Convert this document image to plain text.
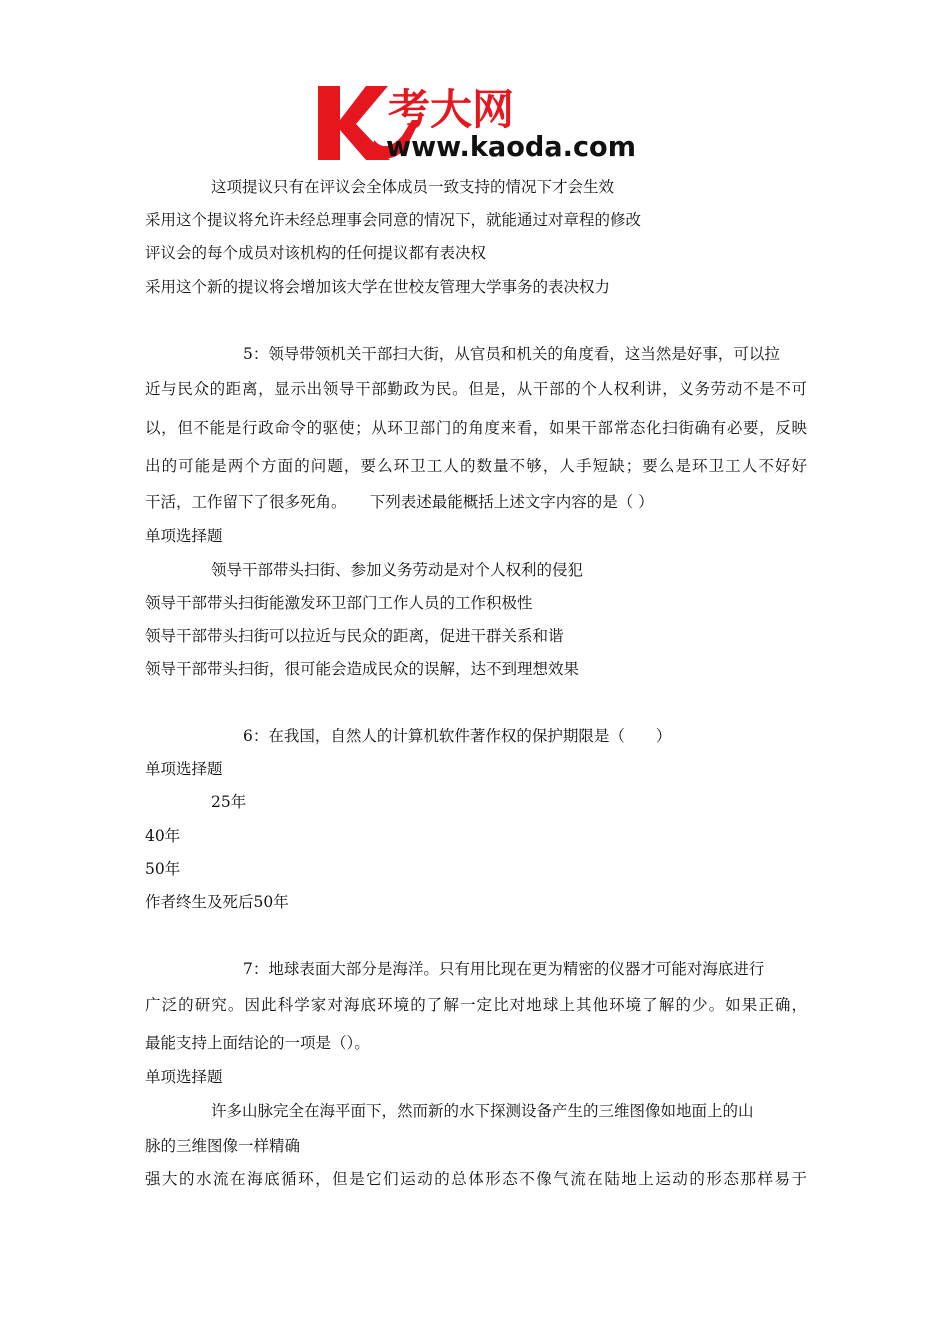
考大网
www.kaoda.com
这项提议只有在评议会全体成员一致支持的情况下才会生效
采用这个提议将允许未经总理事会同意的情况下，就能通过对章程的修改
评议会的每个成员对该机构的任何提议都有表决权
采用这个新的提议将会增加该大学在世校友管理大学事务的表决权力
5：领导带领机关干部扫大街，从官员和机关的角度看，这当然是好事，可以拉
近与民众的距离，显示出领导干部勤政为民。但是，从干部的个人权利讲，义务劳动不是不可
以，但不能是行政命令的驱使；从环卫部门的角度来看，如果干部常态化扫街确有必要，反映
出的可能是两个方面的问题，要么环卫工人的数量不够，人手短缺；要么是环卫工人不好好
干活，工作留下了很多死角。　　下列表述最能概括上述文字内容的是（ ）
单项选择题
领导干部带头扫街、参加义务劳动是对个人权利的侵犯
领导干部带头扫街能激发环卫部门工作人员的工作积极性
领导干部带头扫街可以拉近与民众的距离，促进干群关系和谐
领导干部带头扫街，很可能会造成民众的误解，达不到理想效果
6：在我国，自然人的计算机软件著作权的保护期限是（　　）
单项选择题
25年
40年
50年
作者终生及死后50年
7：地球表面大部分是海洋。只有用比现在更为精密的仪器才可能对海底进行
广泛的研究。因此科学家对海底环境的了解一定比对地球上其他环境了解的少。如果正确，
最能支持上面结论的一项是（）。
单项选择题
许多山脉完全在海平面下，然而新的水下探测设备产生的三维图像如地面上的山
脉的三维图像一样精确
强大的水流在海底循环，但是它们运动的总体形态不像气流在陆地上运动的形态那样易于
